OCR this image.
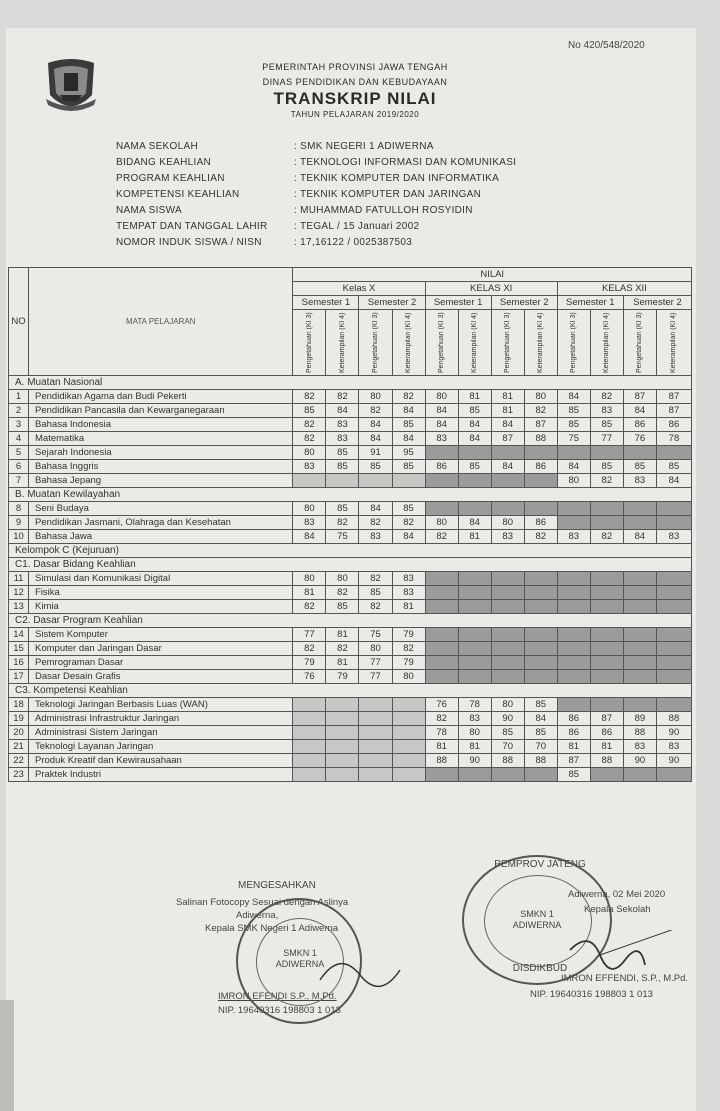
No 420/548/2020
PEMERINTAH PROVINSI JAWA TENGAH
DINAS PENDIDIKAN DAN KEBUDAYAAN
TRANSKRIP NILAI
TAHUN PELAJARAN 2019/2020
NAMA SEKOLAH	: SMK NEGERI 1 ADIWERNA
BIDANG KEAHLIAN	: TEKNOLOGI INFORMASI DAN KOMUNIKASI
PROGRAM KEAHLIAN	: TEKNIK KOMPUTER DAN INFORMATIKA
KOMPETENSI KEAHLIAN	: TEKNIK KOMPUTER DAN JARINGAN
NAMA SISWA	: MUHAMMAD FATULLOH ROSYIDIN
TEMPAT DAN TANGGAL LAHIR	: TEGAL / 15 Januari 2002
NOMOR INDUK SISWA / NISN	: 17,16122 / 0025387503
NO	MATA PELAJARAN	NILAI											
		Kelas X				KELAS XI				KELAS XII			
		Semester 1		Semester 2		Semester 1		Semester 2		Semester 1		Semester 2	

		Pengetahuan (KI 3)	Keterampilan (KI 4)	Pengetahuan (KI 3)	Keterampilan (KI 4)	Pengetahuan (KI 3)	Keterampilan (KI 4)	Pengetahuan (KI 3)	Keterampilan (KI 4)	Pengetahuan (KI 3)	Keterampilan (KI 4)	Pengetahuan (KI 3)	Keterampilan (KI 4)

A. Muatan Nasional													
1	Pendidikan Agama dan Budi Pekerti	82	82	80	82	80	81	81	80	84	82	87	87
2	Pendidikan Pancasila dan Kewarganegaraan	85	84	82	84	84	85	81	82	85	83	84	87
3	Bahasa Indonesia	82	83	84	85	84	84	84	87	85	85	86	86
4	Matematika	82	83	84	84	83	84	87	88	75	77	76	78
5	Sejarah Indonesia	80	85	91	95								
6	Bahasa Inggris	83	85	85	85	86	85	84	86	84	85	85	85
7	Bahasa Jepang									80	82	83	84
B. Muatan Kewilayahan													
8	Seni Budaya	80	85	84	85								
9	Pendidikan Jasmani, Olahraga dan Kesehatan	83	82	82	82	80	84	80	86				
10	Bahasa Jawa	84	75	83	84	82	81	83	82	83	82	84	83
Kelompok C (Kejuruan)													
C1. Dasar Bidang Keahlian													
11	Simulasi dan Komunikasi Digital	80	80	82	83								
12	Fisika	81	82	85	83								
13	Kimia	82	85	82	81								
C2. Dasar Program Keahlian													
14	Sistem Komputer	77	81	75	79								
15	Komputer dan Jaringan Dasar	82	82	80	82								
16	Pemrograman Dasar	79	81	77	79								
17	Dasar Desain Grafis	76	79	77	80								
C3. Kompetensi Keahlian													
18	Teknologi Jaringan Berbasis Luas (WAN)					76	78	80	85				
19	Administrasi Infrastruktur Jaringan					82	83	90	84	86	87	89	88
20	Administrasi Sistem Jaringan					78	80	85	85	86	86	88	90
21	Teknologi Layanan Jaringan					81	81	70	70	81	81	83	83
22	Produk Kreatif dan Kewirausahaan					88	90	88	88	87	88	90	90
23	Praktek Industri									85			
MENGESAHKAN
Salinan Fotocopy Sesuai dengan Aslinya
Adiwerna,
Kepala SMK Negeri 1 Adiwerna
IMRON EFENDI S.P., M.Pd.
NIP. 19640316 198803 1 013
SMKN 1 ADIWERNA
PEMPROV JATENG
SMKN 1 ADIWERNA
DISDIKBUD
Adiwerna, 02 Mei 2020
Kepala Sekolah
IMRON EFFENDI, S.P., M.Pd.
NIP. 19640316 198803 1 013
